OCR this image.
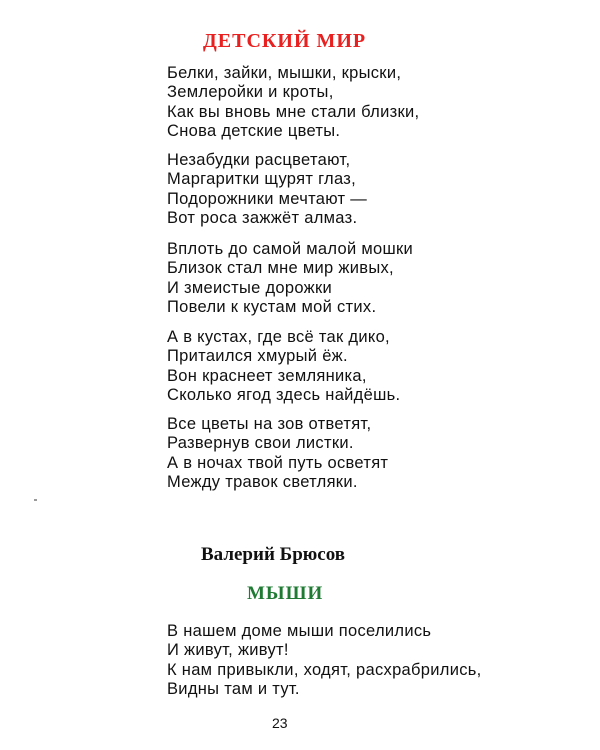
ДЕТСКИЙ МИР
Белки, зайки, мышки, крыски,
Землеройки и кроты,
Как вы вновь мне стали близки,
Снова детские цветы.
Незабудки расцветают,
Маргаритки щурят глаз,
Подорожники мечтают —
Вот роса зажжёт алмаз.
Вплоть до самой малой мошки
Близок стал мне мир живых,
И змеистые дорожки
Повели к кустам мой стих.
А в кустах, где всё так дико,
Притаился хмурый ёж.
Вон краснеет земляника,
Сколько ягод здесь найдёшь.
Все цветы на зов ответят,
Развернув свои листки.
А в ночах твой путь осветят
Между травок светляки.
Валерий Брюсов
МЫШИ
В нашем доме мыши поселились
И живут, живут!
К нам привыкли, ходят, расхрабрились,
Видны там и тут.
23
